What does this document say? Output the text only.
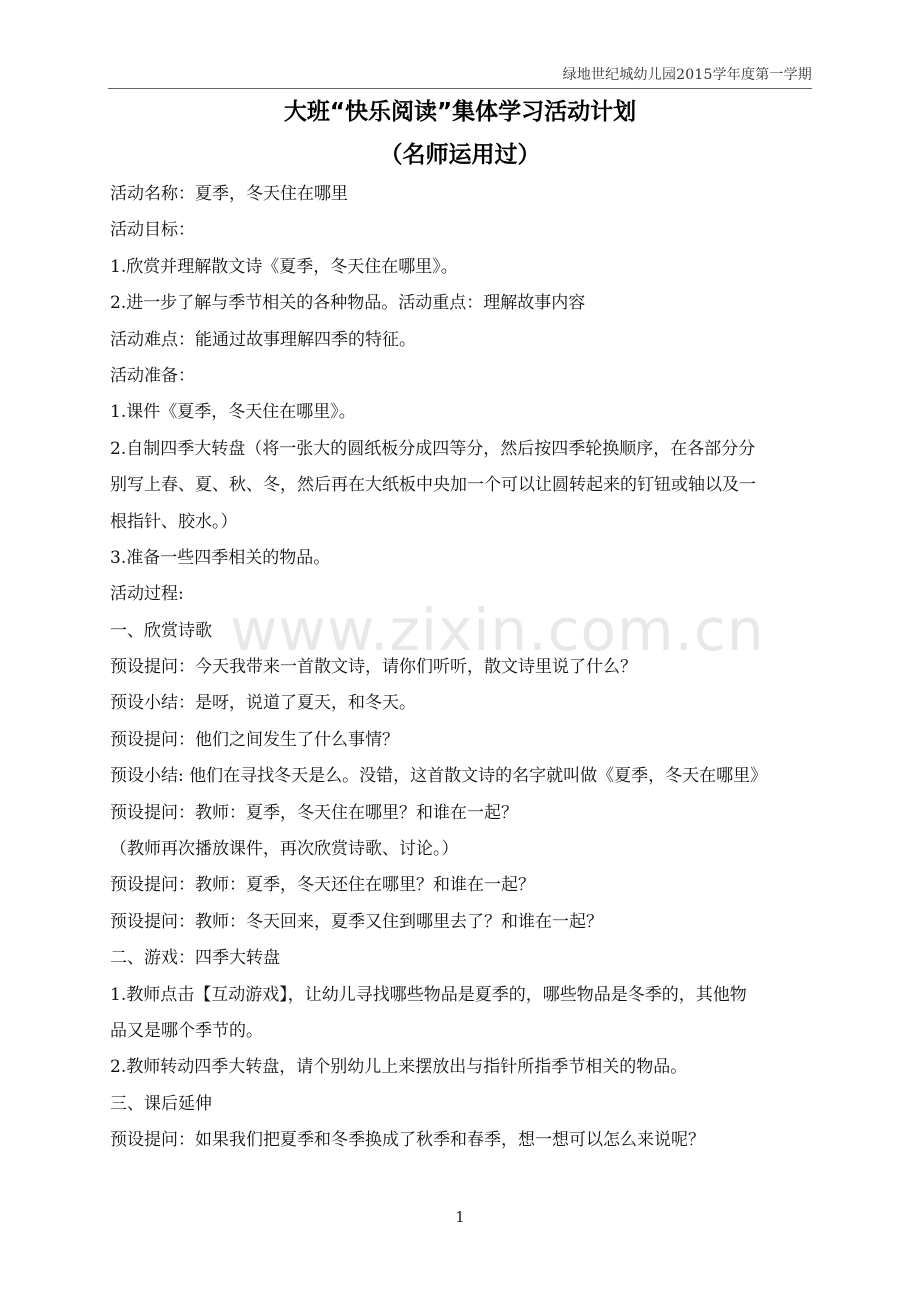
绿地世纪城幼儿园2015学年度第一学期
大班“快乐阅读”集体学习活动计划
（名师运用过）
www.zixin.com.cn
活动名称：夏季，冬天住在哪里
活动目标：
1.欣赏并理解散文诗《夏季，冬天住在哪里》。
2.进一步了解与季节相关的各种物品。活动重点：理解故事内容
活动难点：能通过故事理解四季的特征。
活动准备：
1.课件《夏季，冬天住在哪里》。
2.自制四季大转盘（将一张大的圆纸板分成四等分，然后按四季轮换顺序，在各部分分
别写上春、夏、秋、冬，然后再在大纸板中央加一个可以让圆转起来的钉钮或轴以及一
根指针、胶水。）
3.准备一些四季相关的物品。
活动过程:
一、欣赏诗歌
预设提问：今天我带来一首散文诗，请你们听听，散文诗里说了什么？
预设小结：是呀，说道了夏天，和冬天。
预设提问：他们之间发生了什么事情？
预设小结: 他们在寻找冬天是么。没错，这首散文诗的名字就叫做《夏季，冬天在哪里》
预设提问：教师：夏季，冬天住在哪里？和谁在一起？
（教师再次播放课件，再次欣赏诗歌、讨论。）
预设提问：教师：夏季，冬天还住在哪里？和谁在一起？
预设提问：教师：冬天回来，夏季又住到哪里去了？和谁在一起？
二、游戏：四季大转盘
1.教师点击【互动游戏】，让幼儿寻找哪些物品是夏季的，哪些物品是冬季的，其他物
品又是哪个季节的。
2.教师转动四季大转盘，请个别幼儿上来摆放出与指针所指季节相关的物品。
三、课后延伸
预设提问：如果我们把夏季和冬季换成了秋季和春季，想一想可以怎么来说呢？
1
